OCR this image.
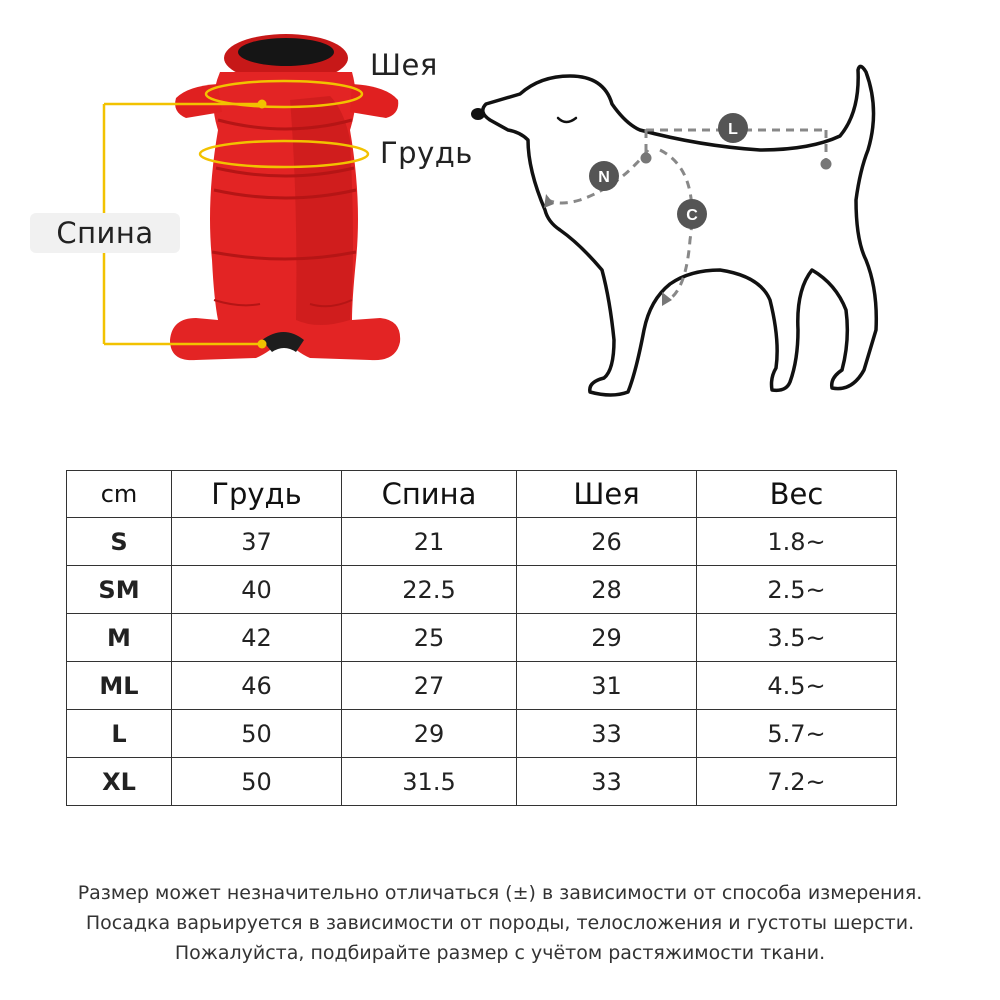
L
N
C
Шея
Грудь
Спина
cm	Грудь	Спина	Шея	Вес
S	37	21	26	1.8~
SM	40	22.5	28	2.5~
M	42	25	29	3.5~
ML	46	27	31	4.5~
L	50	29	33	5.7~
XL	50	31.5	33	7.2~
Размер может незначительно отличаться (±) в зависимости от способа измерения.
Посадка варьируется в зависимости от породы, телосложения и густоты шерсти.
Пожалуйста, подбирайте размер с учётом растяжимости ткани.
